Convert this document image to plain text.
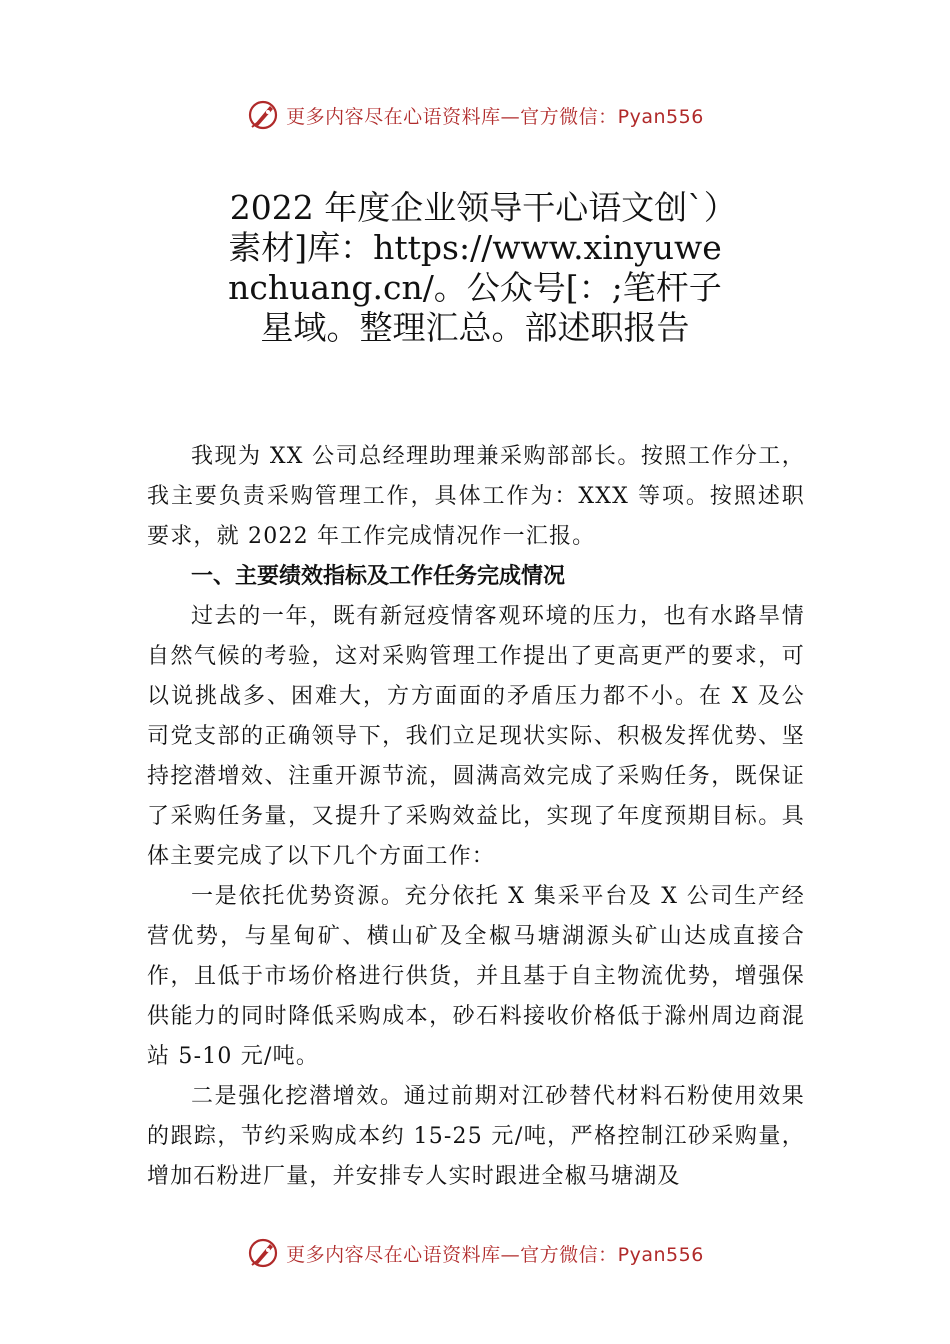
更多内容尽在心语资料库—官方微信：Pyan556
2022 年度企业领导干心语文创`）素材]库：https://www.xinyuwenchuang.cn/。公众号[：;笔杆子星域。整理汇总。部述职报告

我现为 XX 公司总经理助理兼采购部部长。按照工作分工，我主要负责采购管理工作，具体工作为：XXX 等项。按照述职要求，就 2022 年工作完成情况作一汇报。

一、主要绩效指标及工作任务完成情况

过去的一年，既有新冠疫情客观环境的压力，也有水路旱情自然气候的考验，这对采购管理工作提出了更高更严的要求，可以说挑战多、困难大，方方面面的矛盾压力都不小。在 X 及公司党支部的正确领导下，我们立足现状实际、积极发挥优势、坚持挖潜增效、注重开源节流，圆满高效完成了采购任务，既保证了采购任务量，又提升了采购效益比，实现了年度预期目标。具体主要完成了以下几个方面工作：

一是依托优势资源。充分依托 X 集采平台及 X 公司生产经营优势，与星甸矿、横山矿及全椒马塘湖源头矿山达成直接合作，且低于市场价格进行供货，并且基于自主物流优势，增强保供能力的同时降低采购成本，砂石料接收价格低于滁州周边商混站 5-10 元/吨。

二是强化挖潜增效。通过前期对江砂替代材料石粉使用效果的跟踪，节约采购成本约 15-25 元/吨，严格控制江砂采购量，增加石粉进厂量，并安排专人实时跟进全椒马塘湖及

更多内容尽在心语资料库—官方微信：Pyan556
